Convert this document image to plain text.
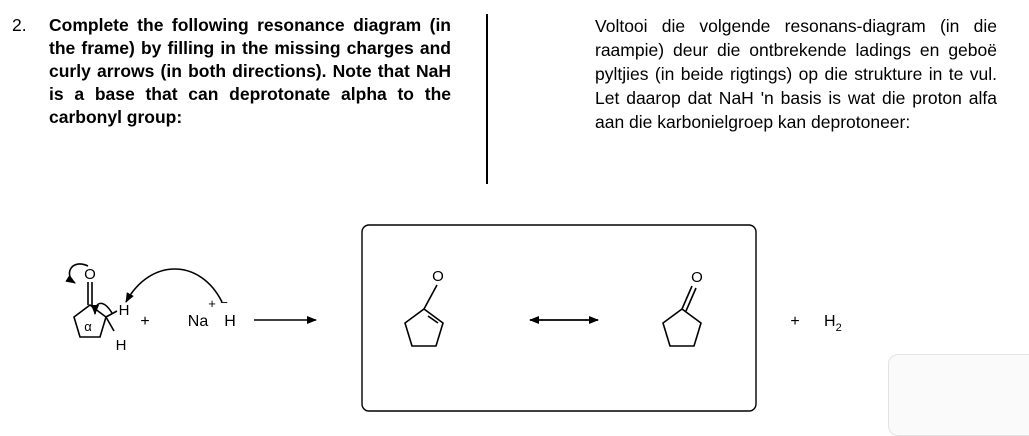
2. Complete the following resonance diagram (in the frame) by filling in the missing charges and curly arrows (in both directions). Note that NaH is a base that can deprotonate alpha to the carbonyl group:
Voltooi die volgende resonans-diagram (in die raampie) deur die ontbrekende ladings en geboë pyltjies (in beide rigtings) op die strukture in te vul. Let daarop dat NaH 'n basis is wat die proton alfa aan die karbonielgroep kan deprotoneer:
O
H
H
α	+ Na
+
H
−
O	O
+ $H_2$
